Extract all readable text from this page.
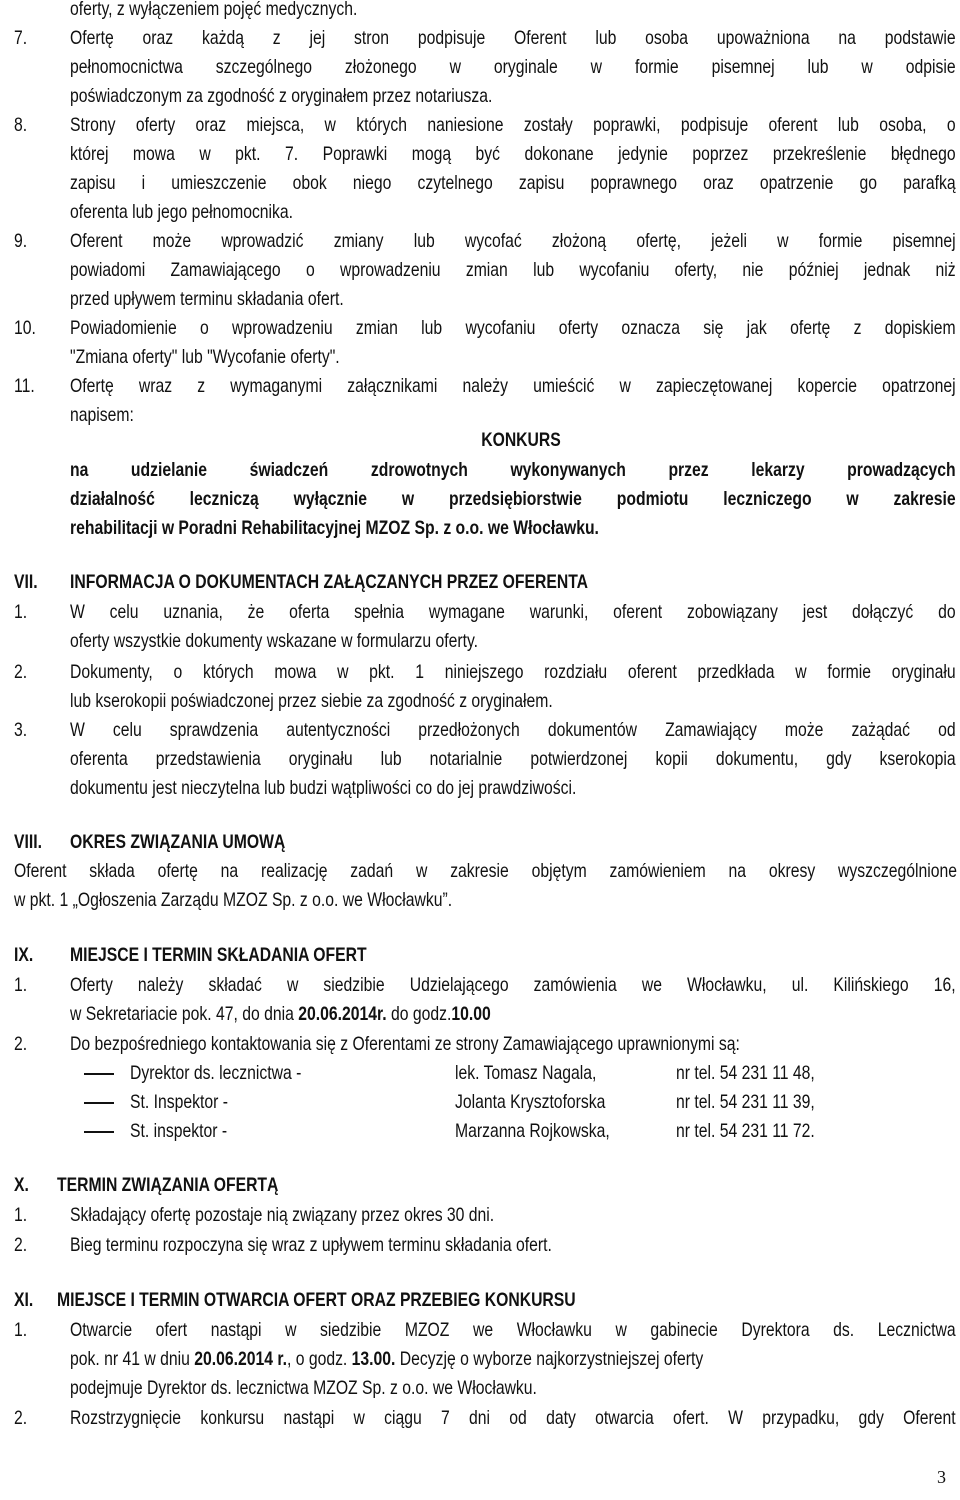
oferty, z wyłączeniem pojęć medycznych.
7. Ofertę oraz każdą z jej stron podpisuje Oferent lub osoba upoważniona na podstawie
pełnomocnictwa szczególnego złożonego w oryginale w formie pisemnej lub w odpisie
poświadczonym za zgodność z oryginałem przez notariusza.
8. Strony oferty oraz miejsca, w których naniesione zostały poprawki, podpisuje oferent lub osoba, o
której mowa w pkt. 7. Poprawki mogą być dokonane jedynie poprzez przekreślenie błędnego
zapisu i umieszczenie obok niego czytelnego zapisu poprawnego oraz opatrzenie go parafką
oferenta lub jego pełnomocnika.
9. Oferent może wprowadzić zmiany lub wycofać złożoną ofertę, jeżeli w formie pisemnej
powiadomi Zamawiającego o wprowadzeniu zmian lub wycofaniu oferty, nie później jednak niż
przed upływem terminu składania ofert.
10. Powiadomienie o wprowadzeniu zmian lub wycofaniu oferty oznacza się jak ofertę z dopiskiem
"Zmiana oferty" lub "Wycofanie oferty".
11. Ofertę wraz z wymaganymi załącznikami należy umieścić w zapieczętowanej kopercie opatrzonej
napisem:
KONKURS
na udzielanie świadczeń zdrowotnych wykonywanych przez lekarzy prowadzących
działalność leczniczą wyłącznie w przedsiębiorstwie podmiotu leczniczego w zakresie
rehabilitacji w Poradni Rehabilitacyjnej MZOZ Sp. z o.o. we Włocławku.
VII. INFORMACJA O DOKUMENTACH ZAŁĄCZANYCH PRZEZ OFERENTA
1. W celu uznania, że oferta spełnia wymagane warunki, oferent zobowiązany jest dołączyć do
oferty wszystkie dokumenty wskazane w formularzu oferty.
2. Dokumenty, o których mowa w pkt. 1 niniejszego rozdziału oferent przedkłada w formie oryginału
lub kserokopii poświadczonej przez siebie za zgodność z oryginałem.
3. W celu sprawdzenia autentyczności przedłożonych dokumentów Zamawiający może zażądać od
oferenta przedstawienia oryginału lub notarialnie potwierdzonej kopii dokumentu, gdy kserokopia
dokumentu jest nieczytelna lub budzi wątpliwości co do jej prawdziwości.
VIII. OKRES ZWIĄZANIA UMOWĄ
Oferent składa ofertę na realizację zadań w zakresie objętym zamówieniem na okresy wyszczególnione
w pkt. 1 „Ogłoszenia Zarządu MZOZ Sp. z o.o. we Włocławku”.
IX. MIEJSCE I TERMIN SKŁADANIA OFERT
1. Oferty należy składać w siedzibie Udzielającego zamówienia we Włocławku, ul. Kilińskiego 16,
w Sekretariacie pok. 47, do dnia 20.06.2014r. do godz.10.00
2. Do bezpośredniego kontaktowania się z Oferentami ze strony Zamawiającego uprawnionymi są:
Dyrektor ds. lecznictwa -	lek. Tomasz Nagala,	nr tel. 54 231 11 48,
St. Inspektor -	Jolanta Krysztoforska	nr tel. 54 231 11 39,
St. inspektor -	Marzanna Rojkowska,	nr tel. 54 231 11 72.
X. TERMIN ZWIĄZANIA OFERTĄ
1. Składający ofertę pozostaje nią związany przez okres 30 dni.
2. Bieg terminu rozpoczyna się wraz z upływem terminu składania ofert.
XI. MIEJSCE I TERMIN OTWARCIA OFERT ORAZ PRZEBIEG KONKURSU
1. Otwarcie ofert nastąpi w siedzibie MZOZ we Włocławku w gabinecie Dyrektora ds. Lecznictwa
pok. nr 41 w dniu 20.06.2014 r., o godz. 13.00. Decyzję o wyborze najkorzystniejszej oferty
podejmuje Dyrektor ds. lecznictwa MZOZ Sp. z o.o. we Włocławku.
2. Rozstrzygnięcie konkursu nastąpi w ciągu 7 dni od daty otwarcia ofert. W przypadku, gdy Oferent
3
